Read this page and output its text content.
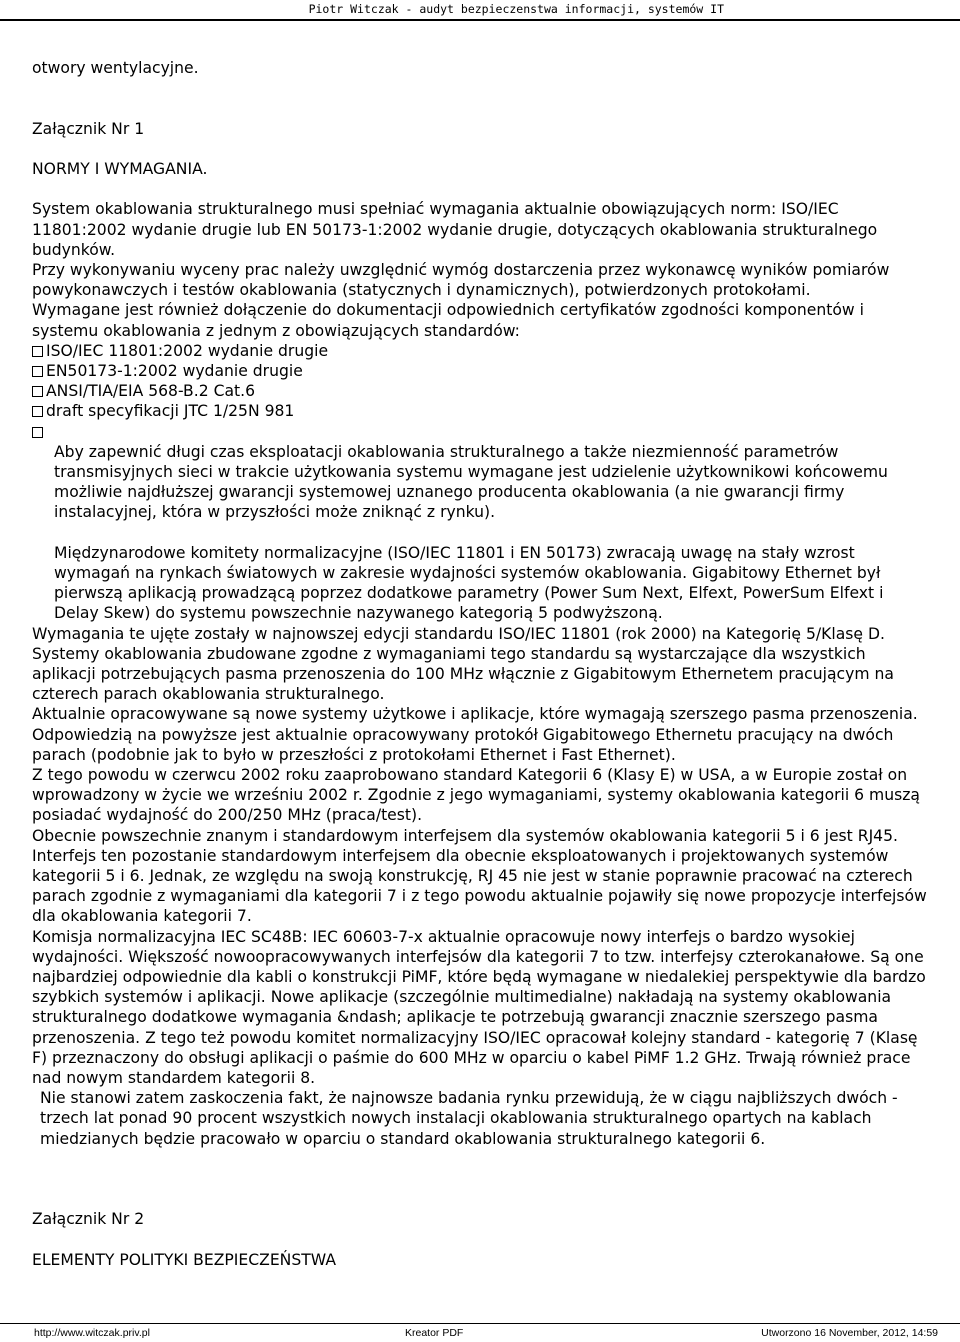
Piotr Witczak - audyt bezpieczenstwa informacji, systemów IT

otwory wentylacyjne.

Załącznik Nr 1

NORMY I WYMAGANIA.

System okablowania strukturalnego musi spełniać wymagania aktualnie obowiązujących norm: ISO/IEC 11801:2002 wydanie drugie lub EN 50173-1:2002 wydanie drugie, dotyczących okablowania strukturalnego budynków.

Przy wykonywaniu wyceny prac należy uwzględnić wymóg dostarczenia przez wykonawcę wyników pomiarów powykonawczych i testów okablowania (statycznych i dynamicznych), potwierdzonych protokołami.

Wymagane jest również dołączenie do dokumentacji odpowiednich certyfikatów zgodności komponentów i systemu okablowania z jednym z obowiązujących standardów:

ISO/IEC 11801:2002 wydanie drugie

EN50173-1:2002 wydanie drugie

ANSI/TIA/EIA 568-B.2 Cat.6

draft specyfikacji JTC 1/25N 981

Aby zapewnić długi czas eksploatacji okablowania strukturalnego a także niezmienność parametrów transmisyjnych sieci w trakcie użytkowania systemu wymagane jest udzielenie użytkownikowi końcowemu możliwie najdłuższej gwarancji systemowej uznanego producenta okablowania (a nie gwarancji firmy instalacyjnej, która w przyszłości może zniknąć z rynku).

Międzynarodowe komitety normalizacyjne (ISO/IEC 11801 i EN 50173) zwracają uwagę na stały wzrost wymagań na rynkach światowych w zakresie wydajności systemów okablowania. Gigabitowy Ethernet był pierwszą aplikacją prowadzącą poprzez dodatkowe parametry (Power Sum Next, Elfext, PowerSum Elfext i Delay Skew) do systemu powszechnie nazywanego kategorią 5 podwyższoną.

Wymagania te ujęte zostały w najnowszej edycji standardu ISO/IEC 11801 (rok 2000) na Kategorię 5/Klasę D. Systemy okablowania zbudowane zgodne z wymaganiami tego standardu są wystarczające dla wszystkich aplikacji potrzebujących pasma przenoszenia do 100 MHz włącznie z Gigabitowym Ethernetem pracującym na czterech parach okablowania strukturalnego.

Aktualnie opracowywane są nowe systemy użytkowe i aplikacje, które wymagają szerszego pasma przenoszenia. Odpowiedzią na powyższe jest aktualnie opracowywany protokół Gigabitowego Ethernetu pracujący na dwóch parach (podobnie jak to było w przeszłości z protokołami Ethernet i Fast Ethernet).

Z tego powodu w czerwcu 2002 roku zaaprobowano standard Kategorii 6 (Klasy E) w USA, a w Europie został on wprowadzony w życie we wrześniu 2002 r. Zgodnie z jego wymaganiami, systemy okablowania kategorii 6 muszą posiadać wydajność do 200/250 MHz (praca/test).

Obecnie powszechnie znanym i standardowym interfejsem dla systemów okablowania kategorii 5 i 6 jest RJ45. Interfejs ten pozostanie standardowym interfejsem dla obecnie eksploatowanych i projektowanych systemów kategorii 5 i 6. Jednak, ze względu na swoją konstrukcję, RJ 45 nie jest w stanie poprawnie pracować na czterech parach zgodnie z wymaganiami dla kategorii 7 i z tego powodu aktualnie pojawiły się nowe propozycje interfejsów dla okablowania kategorii 7.

Komisja normalizacyjna IEC SC48B: IEC 60603-7-x aktualnie opracowuje nowy interfejs o bardzo wysokiej wydajności. Większość nowoopracowywanych interfejsów dla kategorii 7 to tzw. interfejsy czterokanałowe. Są one najbardziej odpowiednie dla kabli o konstrukcji PiMF, które będą wymagane w niedalekiej perspektywie dla bardzo szybkich systemów i aplikacji. Nowe aplikacje (szczególnie multimedialne) nakładają na systemy okablowania strukturalnego dodatkowe wymagania &ndash; aplikacje te potrzebują gwarancji znacznie szerszego pasma przenoszenia. Z tego też powodu komitet normalizacyjny ISO/IEC opracował kolejny standard - kategorię 7 (Klasę F) przeznaczony do obsługi aplikacji o paśmie do 600 MHz w oparciu o kabel PiMF 1.2 GHz. Trwają również prace nad nowym standardem kategorii 8.

Nie stanowi zatem zaskoczenia fakt, że najnowsze badania rynku przewidują, że w ciągu najbliższych dwóch - trzech lat ponad 90 procent wszystkich nowych instalacji okablowania strukturalnego opartych na kablach miedzianych będzie pracowało w oparciu o standard okablowania strukturalnego kategorii 6.

Załącznik Nr 2

ELEMENTY POLITYKI BEZPIECZEŃSTWA

http://www.witczak.priv.pl	Kreator PDF	Utworzono 16 November, 2012, 14:59
